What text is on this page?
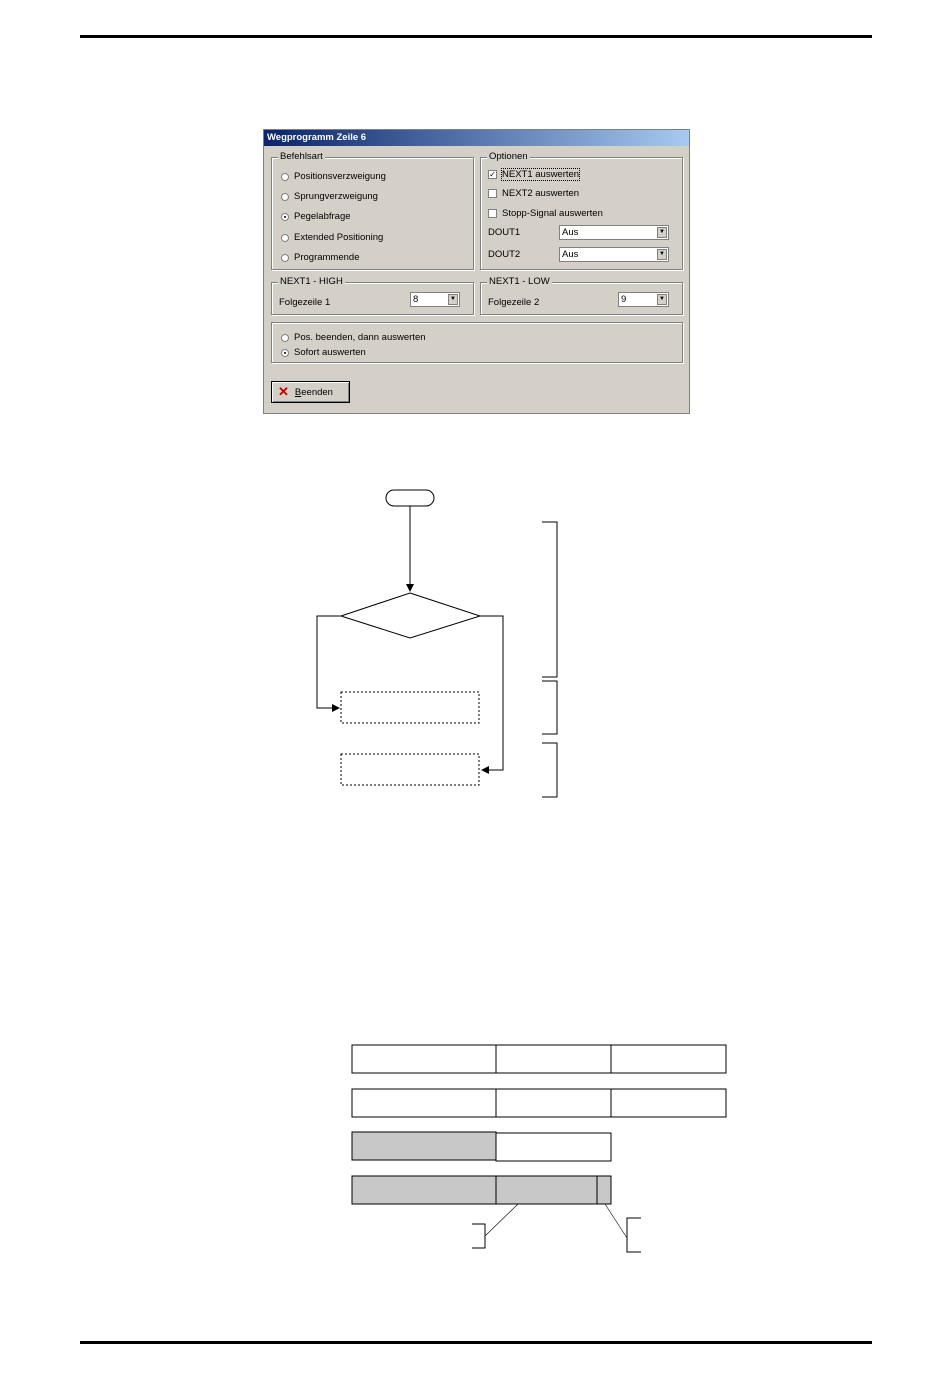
Wegprogramm Zeile 6
Befehlsart
Positionsverzweigung
Sprungverzweigung
Pegelabfrage
Extended Positioning
Programmende
Optionen
✓ NEXT1 auswerten
NEXT2 auswerten
Stopp-Signal auswerten
DOUT1	Aus	▼
DOUT2	Aus	▼
NEXT1 - HIGH
Folgezeile 1	8	▼
NEXT1 - LOW
Folgezeile 2	9	▼
Pos. beenden, dann auswerten
Sofort auswerten
✕ Beenden
